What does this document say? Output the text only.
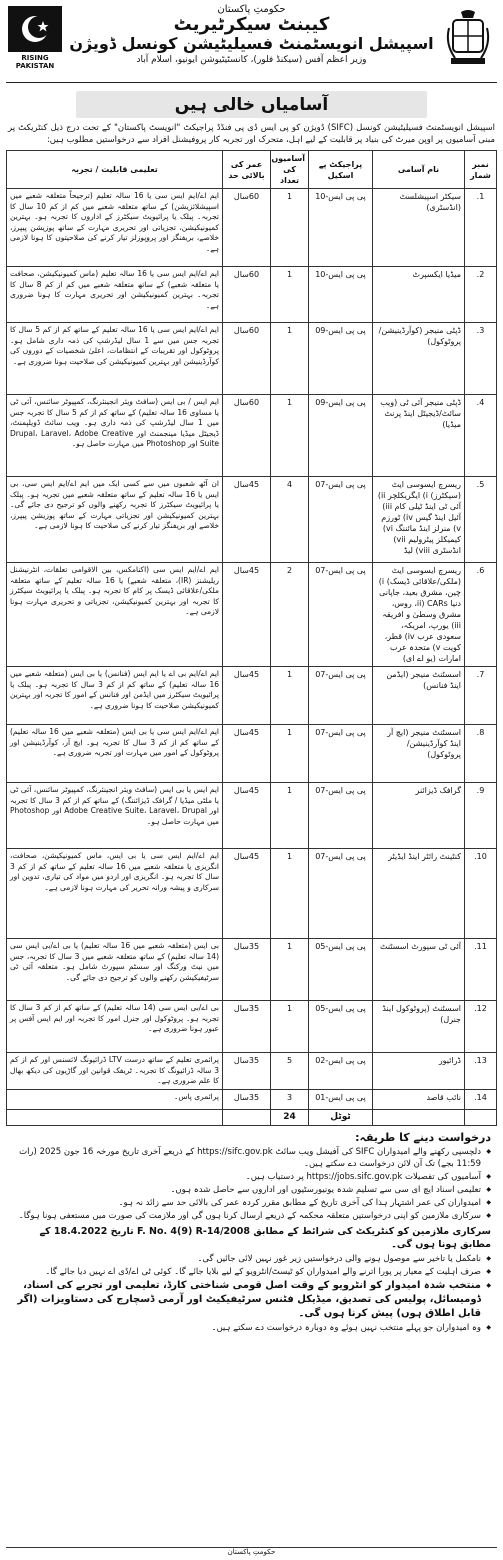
RISING PAKISTAN
حکومتِ پاکستان
کیبنٹ سیکرٹیریٹ
اسپیشل انویسٹمنٹ فسیلیٹیشن کونسل ڈویژن
وزیر اعظم آفس (سیکنڈ فلور)، کانسٹیٹیوشن ایونیو، اسلام آباد
آسامیاں خالی ہیں
اسپیشل انویسٹمنٹ فسیلیٹیشن کونسل (SIFC) ڈویژن کو پی ایس ڈی پی فنڈڈ پراجیکٹ "انویسٹ پاکستان" کے تحت درج ذیل کنٹریکٹ پر مبنی آسامیوں پر اوپن میرٹ کی بنیاد پر قابلیت کے لیے اہل، متحرک اور تجربہ کار پروفیشنل افراد سے درخواستیں مطلوب ہیں:
نمبر شمار	نام آسامی	پراجیکٹ پے اسکیل	آسامیوں کی تعداد	عمر کی بالائی حد	تعلیمی قابلیت / تجربہ
1.	سیکٹر اسپیشلسٹ (انڈسٹری)	پی پی ایس-10	1	60سال	ایم اے/ایم ایس سی یا 16 سالہ تعلیم (ترجیحاً متعلقہ شعبے میں اسپیشلائزیشن) کے ساتھ متعلقہ شعبے میں کم از کم 10 سال کا تجربہ۔ پبلک یا پرائیویٹ سیکٹرز کے اداروں کا تجربہ ہو۔ بہترین کمیونیکیشن، تجزیاتی اور تحریری مہارت کے ساتھ پوزیشن پیپرز، خلاصے، بریفنگز اور پروپوزلز تیار کرنے کی صلاحیتوں کا ہونا لازمی ہے۔
2.	میڈیا ایکسپرٹ	پی پی ایس-10	1	60سال	ایم اے/ایم ایس سی یا 16 سالہ تعلیم (ماس کمیونیکیشن، صحافت یا متعلقہ شعبے) کے ساتھ متعلقہ شعبے میں کم از کم 8 سال کا تجربہ۔ بہترین کمیونیکیشن اور تحریری مہارت کا ہونا ضروری ہے۔
3.	ڈپٹی منیجر (کوآرڈینیشن/پروٹوکول)	پی پی ایس-09	1	60سال	ایم اے/ایم ایس سی یا 16 سالہ تعلیم کے ساتھ کم از کم 5 سال کا تجربہ جس میں سے 1 سال لیڈرشپ کی ذمہ داری شامل ہو۔ پروٹوکول اور تقریبات کے انتظامات، اعلیٰ شخصیات کے دوروں کی کوآرڈینیشن اور بہترین کمیونیکیشن کی صلاحیت ہونا ضروری ہے۔
4.	ڈپٹی منیجر آئی ٹی (ویب سائٹ/ڈیجیٹل اینڈ پرنٹ میڈیا)	پی پی ایس-09	1	60سال	ایم ایس / بی ایس (سافٹ ویئر انجینئرنگ، کمپیوٹر سائنس، آئی ٹی یا مساوی 16 سالہ تعلیم) کے ساتھ کم از کم 5 سال کا تجربہ جس میں 1 سال لیڈرشپ کی ذمہ داری ہو۔ ویب سائٹ ڈویلپمنٹ، ڈیجیٹل میڈیا مینجمنٹ اور Drupal، Laravel، Adobe Creative Suite اور Photoshop میں مہارت حاصل ہو۔
5.	ریسرچ ایسوسی ایٹ (سیکٹرز) i) ایگریکلچر ii) آئی ٹی اینڈ ٹیلی کام iii) آئیل اینڈ گیس iv) ٹورزم v) منرلز اینڈ مائننگ vi) کیمیکلز پیٹرولیم vii) انڈسٹری viii) لیڈ	پی پی ایس-07	4	45سال	ان آٹھ شعبوں میں سے کسی ایک میں ایم اے/ایم ایس سی، بی ایس یا 16 سالہ تعلیم کے ساتھ متعلقہ شعبے میں تجربہ ہو۔ پبلک یا پرائیویٹ سیکٹرز کا تجربہ رکھنے والوں کو ترجیح دی جائے گی۔ بہترین کمیونیکیشن اور تجزیاتی مہارت کے ساتھ پوزیشن پیپرز، خلاصے اور بریفنگز تیار کرنے کی صلاحیت کا ہونا لازمی ہے۔
6.	ریسرچ ایسوسی ایٹ (ملکی/علاقائی ڈیسک) i) چین، مشرق بعید، جاپانی دنیا ii) CARs، روس، مشرق وسطیٰ و افریقہ iii) یورپ، امریکہ، سعودی عرب iv) قطر، کویت v) متحدہ عرب امارات (یو اے ای)	پی پی ایس-07	2	45سال	ایم اے/ایم ایس سی (اکنامکس، بین الاقوامی تعلقات، انٹرنیشنل ریلیشنز (IR)، متعلقہ شعبے) یا 16 سالہ تعلیم کے ساتھ متعلقہ ملکی/علاقائی ڈیسک پر کام کا تجربہ ہو۔ پبلک یا پرائیویٹ سیکٹرز کا تجربہ اور بہترین کمیونیکیشن، تجزیاتی و تحریری مہارت ہونا لازمی ہے۔
7.	اسسٹنٹ منیجر (ایڈمن اینڈ فنانس)	پی پی ایس-07	1	45سال	ایم اے/ایم بی اے یا ایم ایس (فنانس) یا بی ایس (متعلقہ شعبے میں 16 سالہ تعلیم) کے ساتھ کم از کم 3 سال کا تجربہ ہو۔ پبلک یا پرائیویٹ سیکٹرز میں ایڈمن اور فنانس کے امور کا تجربہ اور بہترین کمیونیکیشن صلاحیت کا ہونا ضروری ہے۔
8.	اسسٹنٹ منیجر (ایچ آر اینڈ کوآرڈینیشن/پروٹوکول)	پی پی ایس-07	1	45سال	ایم اے/ایم ایس سی یا بی ایس (متعلقہ شعبے میں 16 سالہ تعلیم) کے ساتھ کم از کم 3 سال کا تجربہ ہو۔ ایچ آر، کوآرڈینیشن اور پروٹوکول کے امور میں مہارت اور تجربہ ضروری ہے۔
9.	گرافک ڈیزائنر	پی پی ایس-07	1	45سال	ایم ایس یا بی ایس (سافٹ ویئر انجینئرنگ، کمپیوٹر سائنس، آئی ٹی یا ملٹی میڈیا / گرافک ڈیزائننگ) کے ساتھ کم از کم 3 سال کا تجربہ اور Adobe Creative Suite، Laravel، Drupal اور Photoshop میں مہارت حاصل ہو۔
10.	کنٹینٹ رائٹر اینڈ ایڈیٹر	پی پی ایس-07	1	45سال	ایم اے/ایم ایس سی یا بی ایس، ماس کمیونیکیشن، صحافت، انگریزی یا متعلقہ شعبے میں 16 سالہ تعلیم کے ساتھ کم از کم 3 سال کا تجربہ ہو۔ انگریزی اور اردو میں مواد کی تیاری، تدوین اور سرکاری و پیشہ ورانہ تحریر کی مہارت ہونا لازمی ہے۔
11.	آئی ٹی سپورٹ اسسٹنٹ	پی پی ایس-05	1	35سال	بی ایس (متعلقہ شعبے میں 16 سالہ تعلیم) یا بی اے/بی ایس سی (14 سالہ تعلیم) کے ساتھ متعلقہ شعبے میں 3 سال کا تجربہ، جس میں نیٹ ورکنگ اور سسٹم سپورٹ شامل ہو۔ متعلقہ آئی ٹی سرٹیفیکیشن رکھنے والوں کو ترجیح دی جائے گی۔
12.	اسسٹنٹ (پروٹوکول اینڈ جنرل)	پی پی ایس-05	1	35سال	بی اے/بی ایس سی (14 سالہ تعلیم) کے ساتھ کم از کم 3 سال کا تجربہ ہو۔ پروٹوکول اور جنرل امور کا تجربہ اور ایم ایس آفس پر عبور ہونا ضروری ہے۔
13.	ڈرائیور	پی پی ایس-02	5	35سال	پرائمری تعلیم کے ساتھ درست LTV ڈرائیونگ لائسنس اور کم از کم 3 سالہ ڈرائیونگ کا تجربہ۔ ٹریفک قوانین اور گاڑیوں کی دیکھ بھال کا علم ضروری ہے۔
14.	نائب قاصد	پی پی ایس-01	3	35سال	پرائمری پاس۔
		ٹوٹل	24		
درخواست دینے کا طریقہ:
◆ دلچسپی رکھنے والے امیدواران SIFC کی آفیشل ویب سائٹ https://sifc.gov.pk کے ذریعے آخری تاریخ مورخہ 16 جون 2025 (رات 11:59 بجے) تک آن لائن درخواست دے سکتے ہیں۔
◆ آسامیوں کی تفصیلات https://jobs.sifc.gov.pk پر دستیاب ہیں۔
◆ تعلیمی اسناد ایچ ای سی سے تسلیم شدہ یونیورسٹیوں اور اداروں سے حاصل شدہ ہوں۔
◆ امیدواران کی عمر اشتہار ہذا کی آخری تاریخ کے مطابق مقرر کردہ عمر کی بالائی حد سے زائد نہ ہو۔
◆ سرکاری ملازمین کو اپنی درخواستیں متعلقہ محکمہ کے ذریعے ارسال کرنا ہوں گی اور ملازمت کی صورت میں مستعفی ہونا ہوگا۔
سرکاری ملازمین کو کنٹریکٹ کی شرائط کے مطابق F. No. 4(9) R-14/2008 تاریخ 18.4.2022 کے مطابق ہونا ہوں گی۔
◆ نامکمل یا تاخیر سے موصول ہونے والی درخواستیں زیر غور نہیں لائی جائیں گی۔
◆ صرف اہلیت کے معیار پر پورا اترنے والے امیدواران کو ٹیسٹ/انٹرویو کے لیے بلایا جائے گا۔ کوئی ٹی اے/ڈی اے نہیں دیا جائے گا۔
◆ منتخب شدہ امیدوار کو انٹرویو کے وقت اصل قومی شناختی کارڈ، تعلیمی اور تجربے کی اسناد، ڈومیسائل، پولیس کی تصدیق، میڈیکل فٹنس سرٹیفیکیٹ اور آرمی ڈسچارج کی دستاویزات (اگر قابل اطلاق ہوں) پیش کرنا ہوں گی۔
◆ وہ امیدواران جو پہلے منتخب نہیں ہوئے وہ دوبارہ درخواست دے سکتے ہیں۔
حکومتِ پاکستان
